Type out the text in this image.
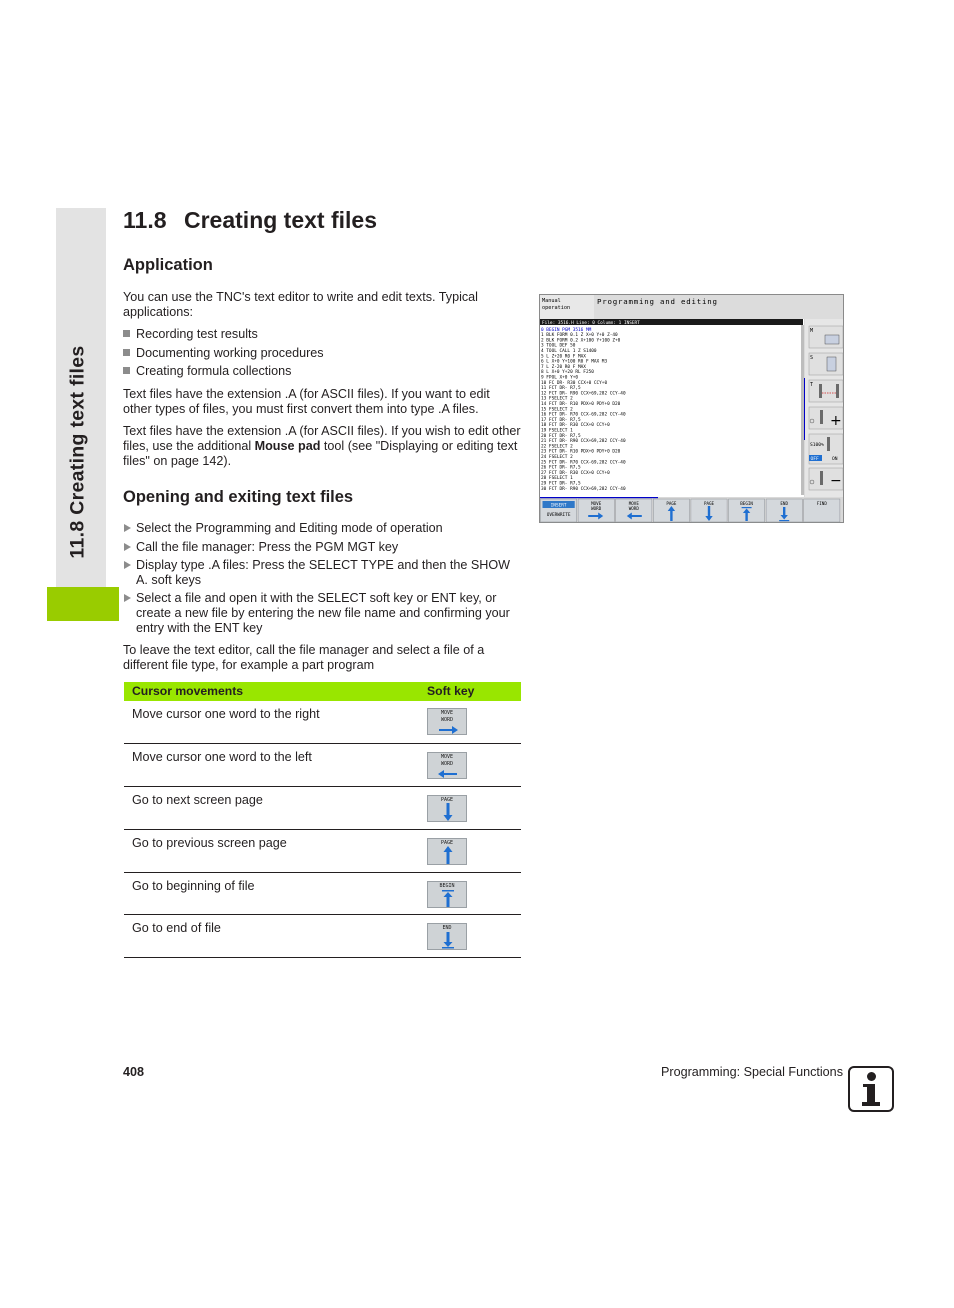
11.8 Creating text files
11.8 Creating text files
Application
You can use the TNC's text editor to write and edit texts. Typical applications:
Recording test results
Documenting working procedures
Creating formula collections
Text files have the extension .A (for ASCII files). If you want to edit other types of files, you must first convert them into type .A files.
Text files have the extension .A (for ASCII files). If you wish to edit other files, use the additional Mouse pad tool (see "Displaying or editing text files" on page 142).
Opening and exiting text files
Select the Programming and Editing mode of operation
Call the file manager: Press the PGM MGT key
Display type .A files: Press the SELECT TYPE and then the SHOW A. soft keys
Select a file and open it with the SELECT soft key or ENT key, or create a new file by entering the new file name and confirming your entry with the ENT key
To leave the text editor, call the file manager and select a file of a different file type, for example a part program
Cursor movements	Soft key
Move cursor one word to the right	MOVE
WORD
Move cursor one word to the left	MOVE
WORD
Go to next screen page	PAGE
Go to previous screen page	PAGE
Go to beginning of file	BEGIN
Go to end of file	END
Manual
operation
Programming and editing
File: 3516.H Line: 0 Column: 1 INSERT
0 BEGIN PGM 3516 MM
1 BLK FORM 0.1 Z X+0 Y+0 Z-40
2 BLK FORM 0.2 X+100 Y+100 Z+0
3 TOOL DEF 50
4 TOOL CALL 1 Z S1400
5 L Z+20 R0 F MAX
6 L X+0 Y+100 R0 F MAX M3
7 L Z-20 R0 F MAX
8 L X+0 Y+20 RL F250
9 FPOL X+0 Y+0
10 FC DR- R30 CCX+0 CCY+0
11 FCT DR- R7,5
12 FCT DR- R90 CCX+69,282 CCY-40
13 FSELECT 2
14 FCT DR- R10 PDX+0 PDY+0 D20
15 FSELECT 2
16 FCT DR- R70 CCX-69,282 CCY-40
17 FCT DR- R7,5
18 FCT DR- R30 CCX+0 CCY+0
19 FSELECT 1
20 FCT DR- R7,5
21 FCT DR- R90 CCX+69,282 CCY-40
22 FSELECT 2
23 FCT DR- R10 PDX+0 PDY+0 D20
24 FSELECT 2
25 FCT DR- R70 CCX-69,282 CCY-40
26 FCT DR- R7,5
27 FCT DR- R30 CCX+0 CCY+0
28 FSELECT 1
29 FCT DR- R7,5
30 FCT DR- R90 CCX+69,282 CCY-40
M
S
T
+
S100%
OFF	ON
−
INSERT
OVERWRITE
MOVE
WORD
MOVE
WORD
PAGE	PAGE	BEGIN	END	FIND
408	Programming: Special Functions
